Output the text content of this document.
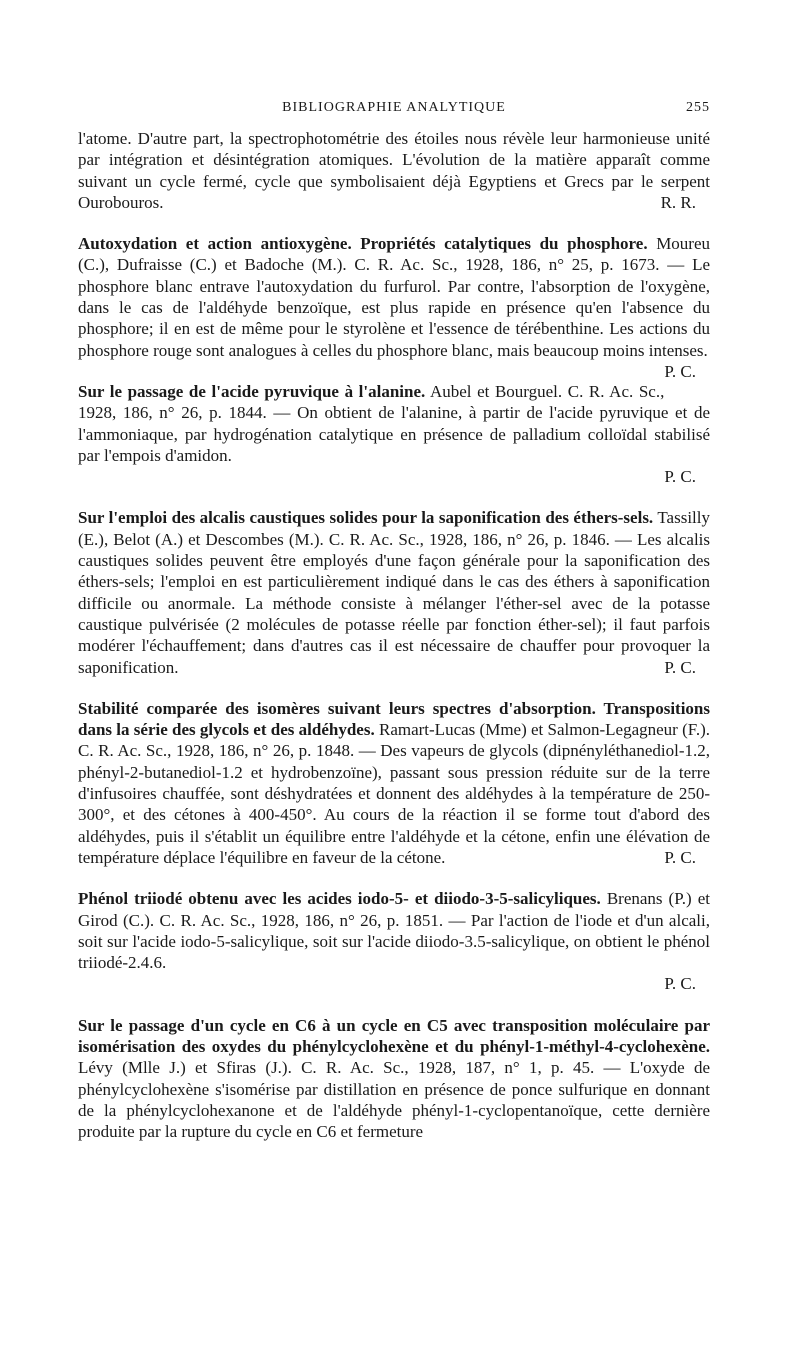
BIBLIOGRAPHIE ANALYTIQUE	255

l'atome. D'autre part, la spectrophotométrie des étoiles nous révèle leur harmonieuse unité par intégration et désintégration atomiques. L'évolution de la matière apparaît comme suivant un cycle fermé, cycle que symbolisaient déjà Egyptiens et Grecs par le serpent Ourobouros.	R. R.

Autoxydation et action antioxygène. Propriétés catalytiques du phosphore. Moureu (C.), Dufraisse (C.) et Badoche (M.). C. R. Ac. Sc., 1928, 186, n° 25, p. 1673. — Le phosphore blanc entrave l'autoxydation du furfurol. Par contre, l'absorption de l'oxygène, dans le cas de l'aldéhyde benzoïque, est plus rapide en présence qu'en l'absence du phosphore; il en est de même pour le styrolène et l'essence de térébenthine. Les actions du phosphore rouge sont analogues à celles du phosphore blanc, mais beaucoup moins intenses.
P. C.

Sur le passage de l'acide pyruvique à l'alanine. Aubel et Bourguel. C. R. Ac. Sc., 1928, 186, n° 26, p. 1844. — On obtient de l'alanine, à partir de l'acide pyruvique et de l'ammoniaque, par hydrogénation catalytique en présence de palladium colloïdal stabilisé par l'empois d'amidon.
P. C.

Sur l'emploi des alcalis caustiques solides pour la saponification des éthers-sels. Tassilly (E.), Belot (A.) et Descombes (M.). C. R. Ac. Sc., 1928, 186, n° 26, p. 1846. — Les alcalis caustiques solides peuvent être employés d'une façon générale pour la saponification des éthers-sels; l'emploi en est particulièrement indiqué dans le cas des éthers à saponification difficile ou anormale. La méthode consiste à mélanger l'éther-sel avec de la potasse caustique pulvérisée (2 molécules de potasse réelle par fonction éther-sel); il faut parfois modérer l'échauffement; dans d'autres cas il est nécessaire de chauffer pour provoquer la saponification.	P. C.

Stabilité comparée des isomères suivant leurs spectres d'absorption. Transpositions dans la série des glycols et des aldéhydes. Ramart-Lucas (Mme) et Salmon-Legagneur (F.). C. R. Ac. Sc., 1928, 186, n° 26, p. 1848. — Des vapeurs de glycols (dipnényléthanediol-1.2, phényl-2-butanediol-1.2 et hydrobenzoïne), passant sous pression réduite sur de la terre d'infusoires chauffée, sont déshydratées et donnent des aldéhydes à la température de 250-300°, et des cétones à 400-450°. Au cours de la réaction il se forme tout d'abord des aldéhydes, puis il s'établit un équilibre entre l'aldéhyde et la cétone, enfin une élévation de température déplace l'équilibre en faveur de la cétone.	P. C.

Phénol triiodé obtenu avec les acides iodo-5- et diiodo-3-5-salicyliques. Brenans (P.) et Girod (C.). C. R. Ac. Sc., 1928, 186, n° 26, p. 1851. — Par l'action de l'iode et d'un alcali, soit sur l'acide iodo-5-salicylique, soit sur l'acide diiodo-3.5-salicylique, on obtient le phénol triiodé-2.4.6.
P. C.

Sur le passage d'un cycle en C6 à un cycle en C5 avec transposition moléculaire par isomérisation des oxydes du phénylcyclohexène et du phényl-1-méthyl-4-cyclohexène. Lévy (Mlle J.) et Sfiras (J.). C. R. Ac. Sc., 1928, 187, n° 1, p. 45. — L'oxyde de phénylcyclohexène s'isomérise par distillation en présence de ponce sulfurique en donnant de la phénylcyclohexanone et de l'aldéhyde phényl-1-cyclopentanoïque, cette dernière produite par la rupture du cycle en C6 et fermeture
